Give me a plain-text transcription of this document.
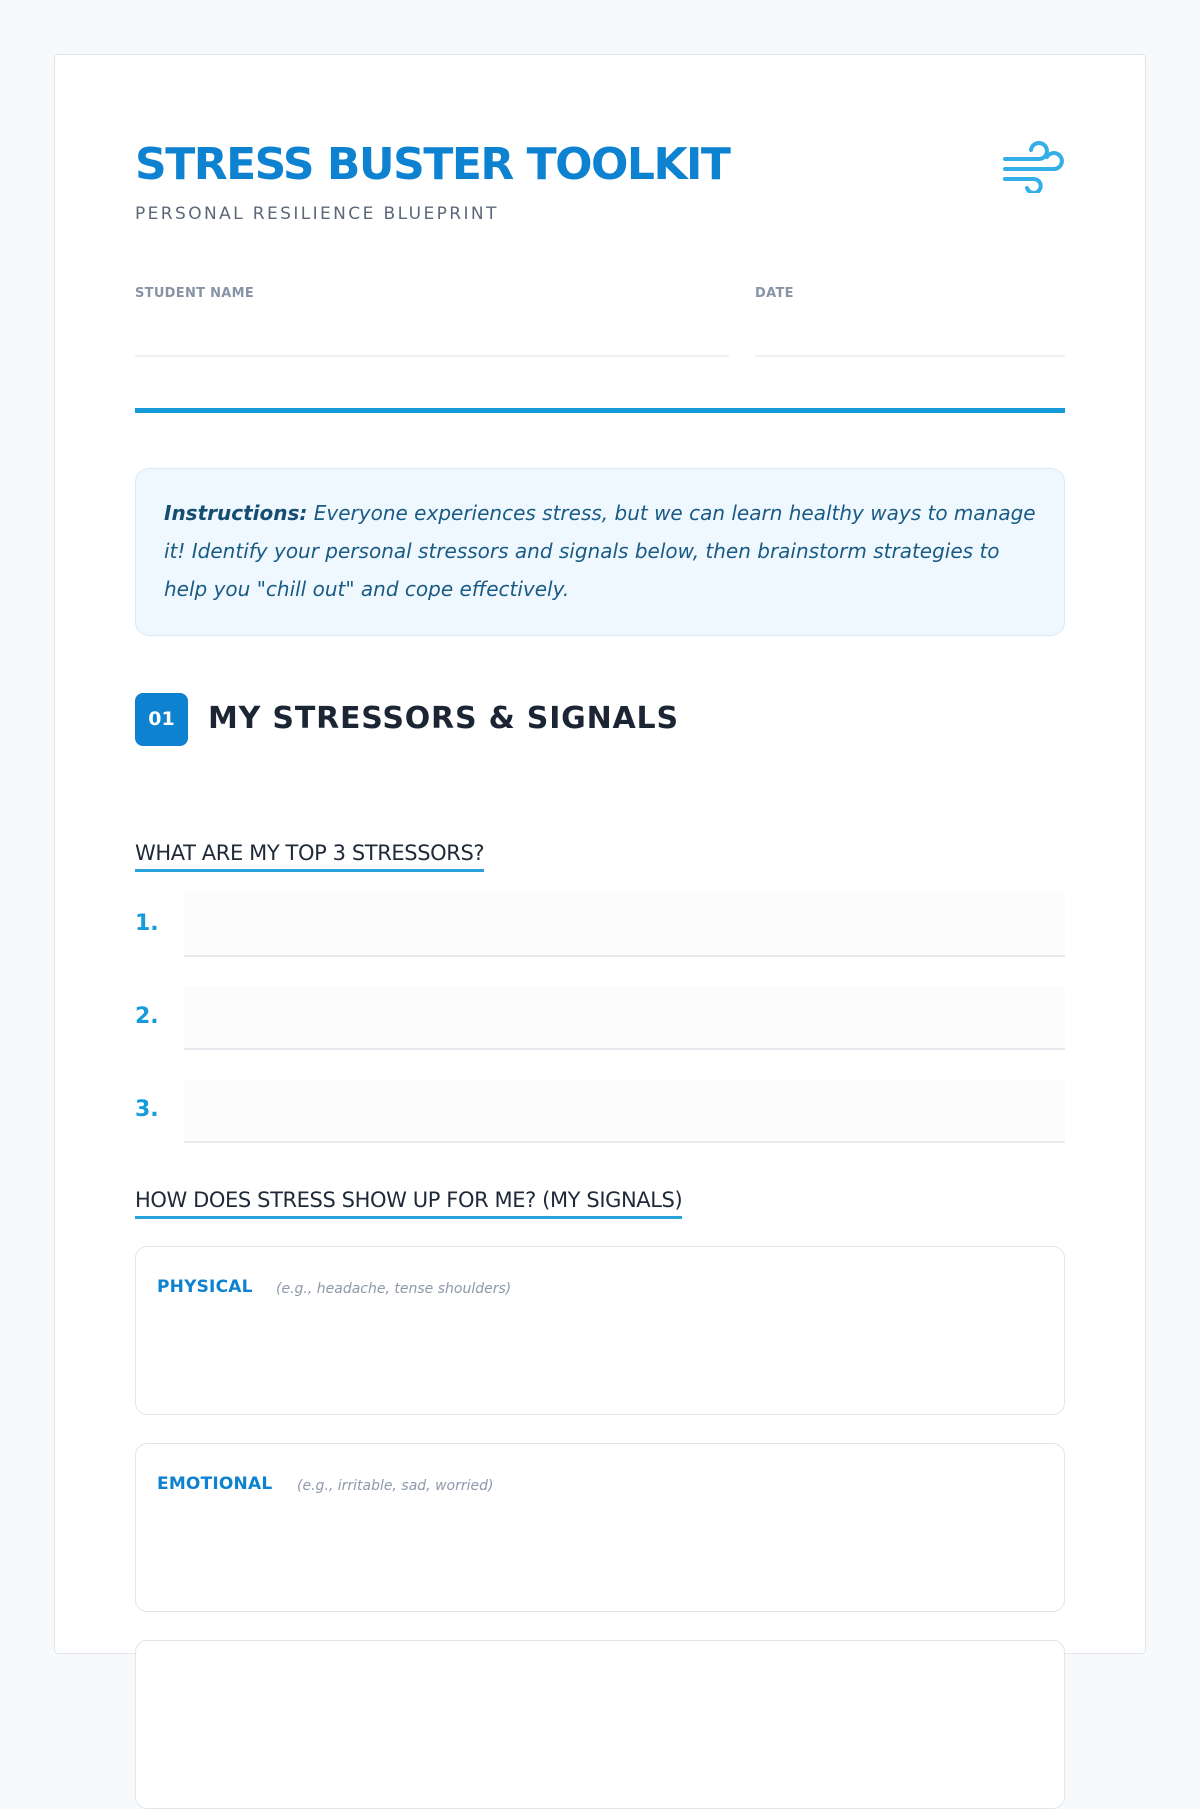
STRESS BUSTER TOOLKIT
PERSONAL RESILIENCE BLUEPRINT
STUDENT NAME	DATE
Instructions: Everyone experiences stress, but we can learn healthy ways to manage it! Identify your personal stressors and signals below, then brainstorm strategies to help you "chill out" and cope effectively.
01	MY STRESSORS & SIGNALS
WHAT ARE MY TOP 3 STRESSORS?
1.
2.
3.
HOW DOES STRESS SHOW UP FOR ME? (MY SIGNALS)
PHYSICAL (e.g., headache, tense shoulders)
EMOTIONAL (e.g., irritable, sad, worried)
